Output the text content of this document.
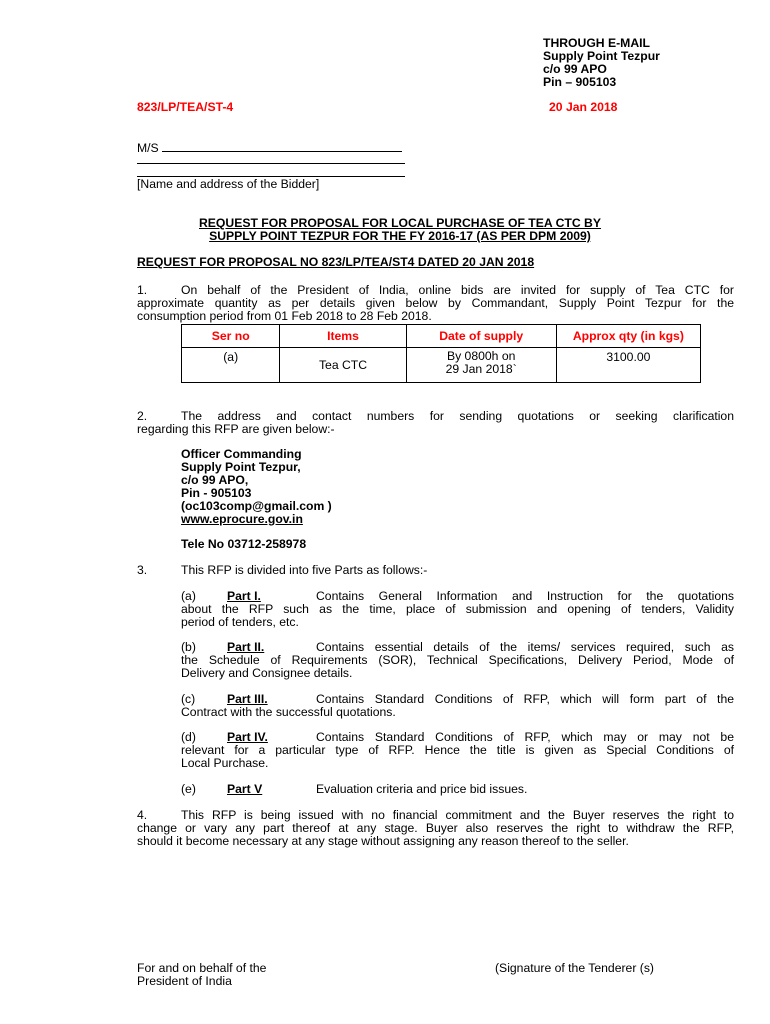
THROUGH E-MAIL
Supply Point Tezpur
c/o 99 APO
Pin – 905103
823/LP/TEA/ST-4	20 Jan 2018
M/S
[Name and address of the Bidder]
REQUEST FOR PROPOSAL FOR LOCAL PURCHASE OF TEA CTC BY
SUPPLY POINT TEZPUR FOR THE FY 2016-17 (AS PER DPM 2009)
REQUEST FOR PROPOSAL NO 823/LP/TEA/ST4 DATED 20 JAN 2018
1.	On behalf of the President of India, online bids are invited for supply of Tea CTC for
approximate quantity as per details given below by Commandant, Supply Point Tezpur for the
consumption period from 01 Feb 2018 to 28 Feb 2018.
Ser no	Items	Date of supply	Approx qty (in kgs)
(a)	Tea CTC	By 0800h on
29 Jan 2018`	3100.00
2.	The address and contact numbers for sending quotations or seeking clarification
regarding this RFP are given below:-
Officer Commanding
Supply Point Tezpur,
c/o 99 APO,
Pin - 905103
(oc103comp@gmail.com )
www.eprocure.gov.in
Tele No 03712-258978
3.	This RFP is divided into five Parts as follows:-
(a)	Part I.	Contains General Information and Instruction for the quotations
about the RFP such as the time, place of submission and opening of tenders, Validity
period of tenders, etc.
(b)	Part II.	Contains essential details of the items/ services required, such as
the Schedule of Requirements (SOR), Technical Specifications, Delivery Period, Mode of
Delivery and Consignee details.
(c)	Part III.	Contains Standard Conditions of RFP, which will form part of the
Contract with the successful quotations.
(d)	Part IV.	Contains Standard Conditions of RFP, which may or may not be
relevant for a particular type of RFP. Hence the title is given as Special Conditions of
Local Purchase.
(e)	Part V	Evaluation criteria and price bid issues.
4.	This RFP is being issued with no financial commitment and the Buyer reserves the right to
change or vary any part thereof at any stage. Buyer also reserves the right to withdraw the RFP,
should it become necessary at any stage without assigning any reason thereof to the seller.
For and on behalf of the
President of India
(Signature of the Tenderer (s)
